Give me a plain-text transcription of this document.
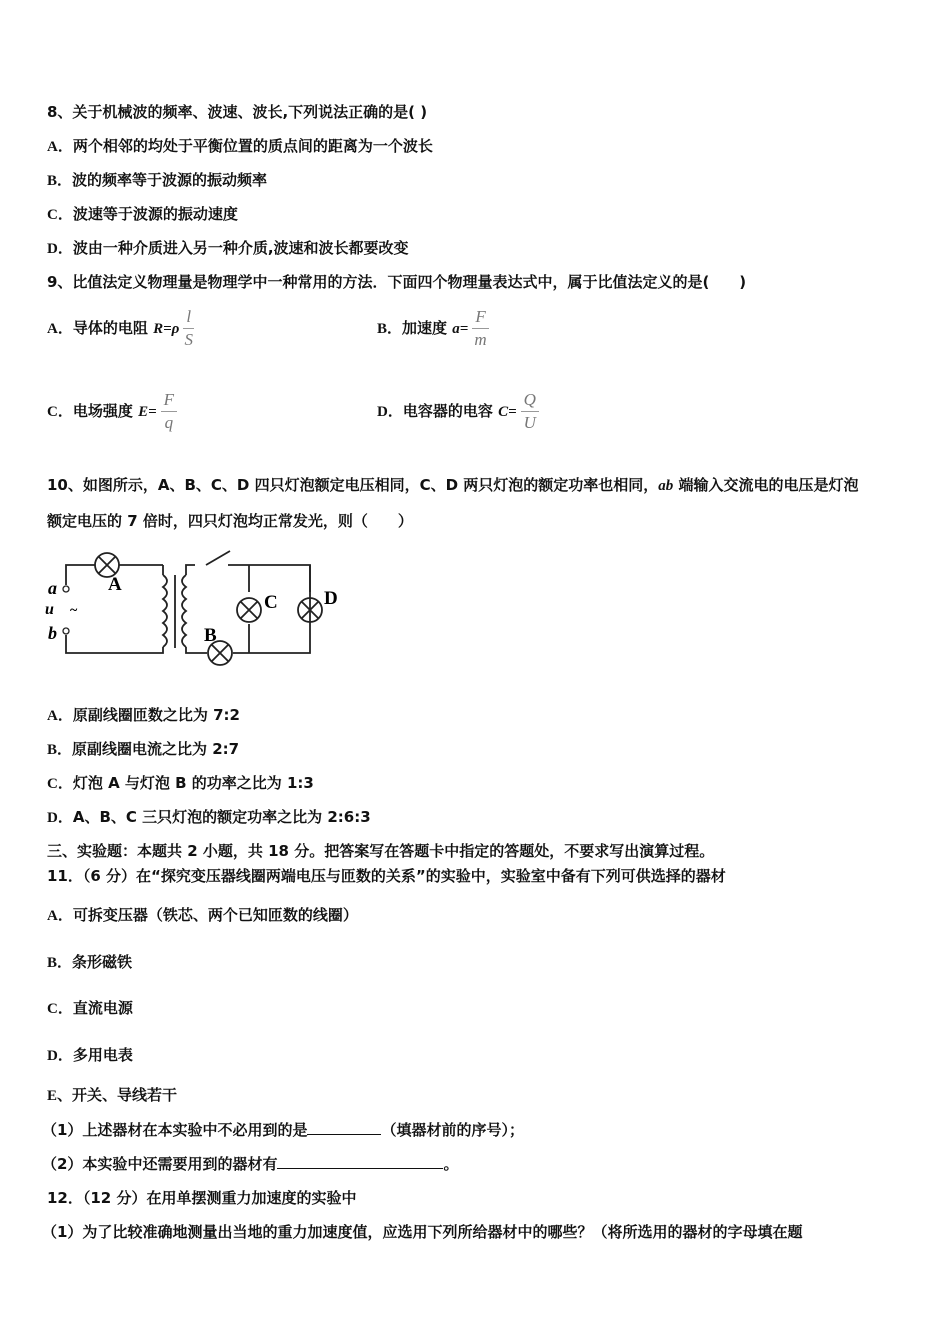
8、关于机械波的频率、波速、波长,下列说法正确的是( )
A．两个相邻的均处于平衡位置的质点间的距离为一个波长
B．波的频率等于波源的振动频率
C．波速等于波源的振动速度
D．波由一种介质进入另一种介质,波速和波长都要改变
9、比值法定义物理量是物理学中一种常用的方法．下面四个物理量表达式中，属于比值法定义的是(　　)
A．导体的电阻 $R=\rho \frac{l}{S}$	B．加速度 $a= \frac{F}{m}$
C．电场强度 $E= \frac{F}{q}$	D．电容器的电容 $C= \frac{Q}{U}$
10、如图所示，A、B、C、D 四只灯泡额定电压相同，C、D 两只灯泡的额定功率也相同，ab 端输入交流电的电压是灯泡
额定电压的 7 倍时，四只灯泡均正常发光，则（　　）
a
u ~
b
A
B
C D
A．原副线圈匝数之比为 7:2
B．原副线圈电流之比为 2:7
C．灯泡 A 与灯泡 B 的功率之比为 1:3
D．A、B、C 三只灯泡的额定功率之比为 2:6:3
三、实验题：本题共 2 小题，共 18 分。把答案写在答题卡中指定的答题处，不要求写出演算过程。
11．（6 分）在“探究变压器线圈两端电压与匝数的关系”的实验中，实验室中备有下列可供选择的器材
A．可拆变压器（铁芯、两个已知匝数的线圈）
B．条形磁铁
C．直流电源
D．多用电表
E、开关、导线若干
（1）上述器材在本实验中不必用到的是	（填器材前的序号）；
（2）本实验中还需要用到的器材有	。
12．（12 分）在用单摆测重力加速度的实验中
（1）为了比较准确地测量出当地的重力加速度值，应选用下列所给器材中的哪些？（将所选用的器材的字母填在题
